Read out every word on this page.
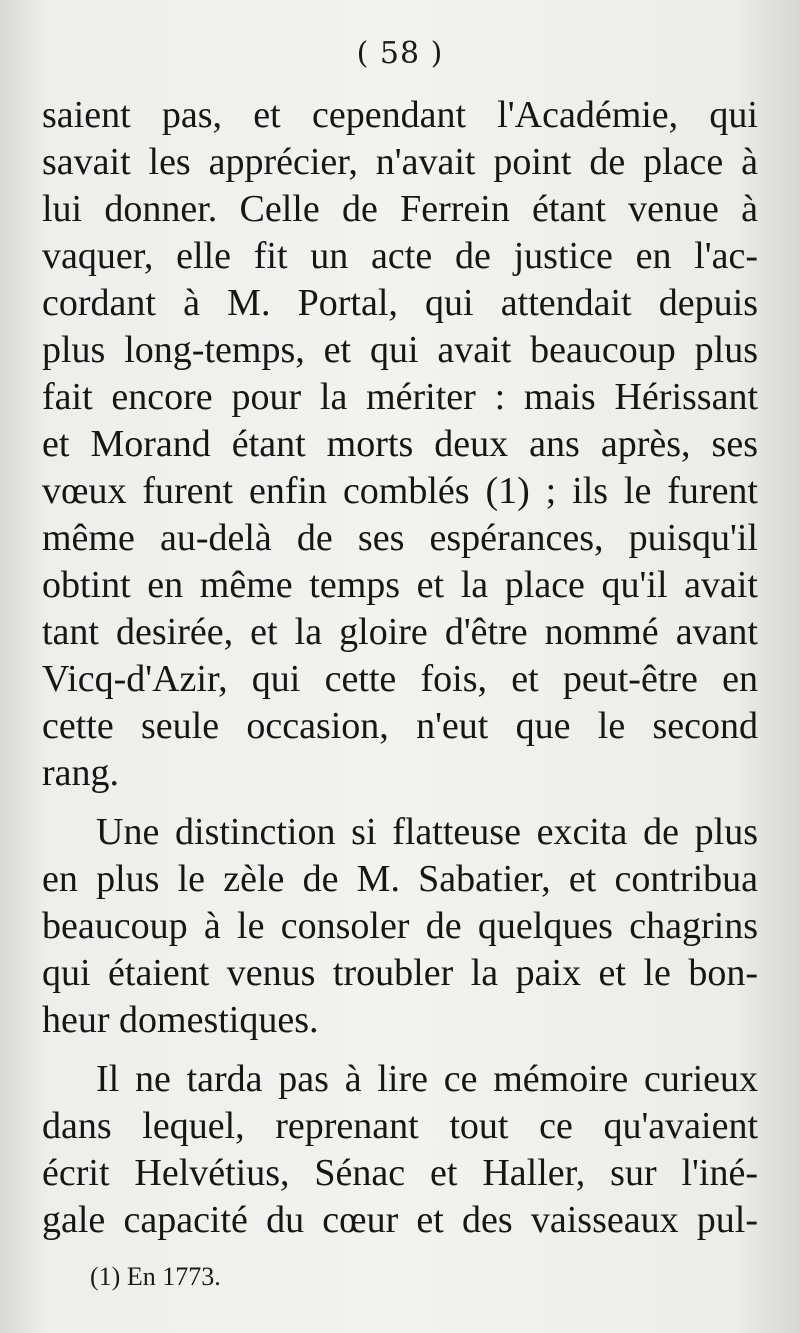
( 58 )
saient pas, et cependant l'Académie, qui
savait les apprécier, n'avait point de place à
lui donner. Celle de Ferrein étant venue à
vaquer, elle fit un acte de justice en l'ac-
cordant à M. Portal, qui attendait depuis
plus long-temps, et qui avait beaucoup plus
fait encore pour la mériter : mais Hérissant
et Morand étant morts deux ans après, ses
vœux furent enfin comblés (1) ; ils le furent
même au-delà de ses espérances, puisqu'il
obtint en même temps et la place qu'il avait
tant desirée, et la gloire d'être nommé avant
Vicq-d'Azir, qui cette fois, et peut-être en
cette seule occasion, n'eut que le second
rang.
Une distinction si flatteuse excita de plus
en plus le zèle de M. Sabatier, et contribua
beaucoup à le consoler de quelques chagrins
qui étaient venus troubler la paix et le bon-
heur domestiques.
Il ne tarda pas à lire ce mémoire curieux
dans lequel, reprenant tout ce qu'avaient
écrit Helvétius, Sénac et Haller, sur l'iné-
gale capacité du cœur et des vaisseaux pul-
(1) En 1773.
